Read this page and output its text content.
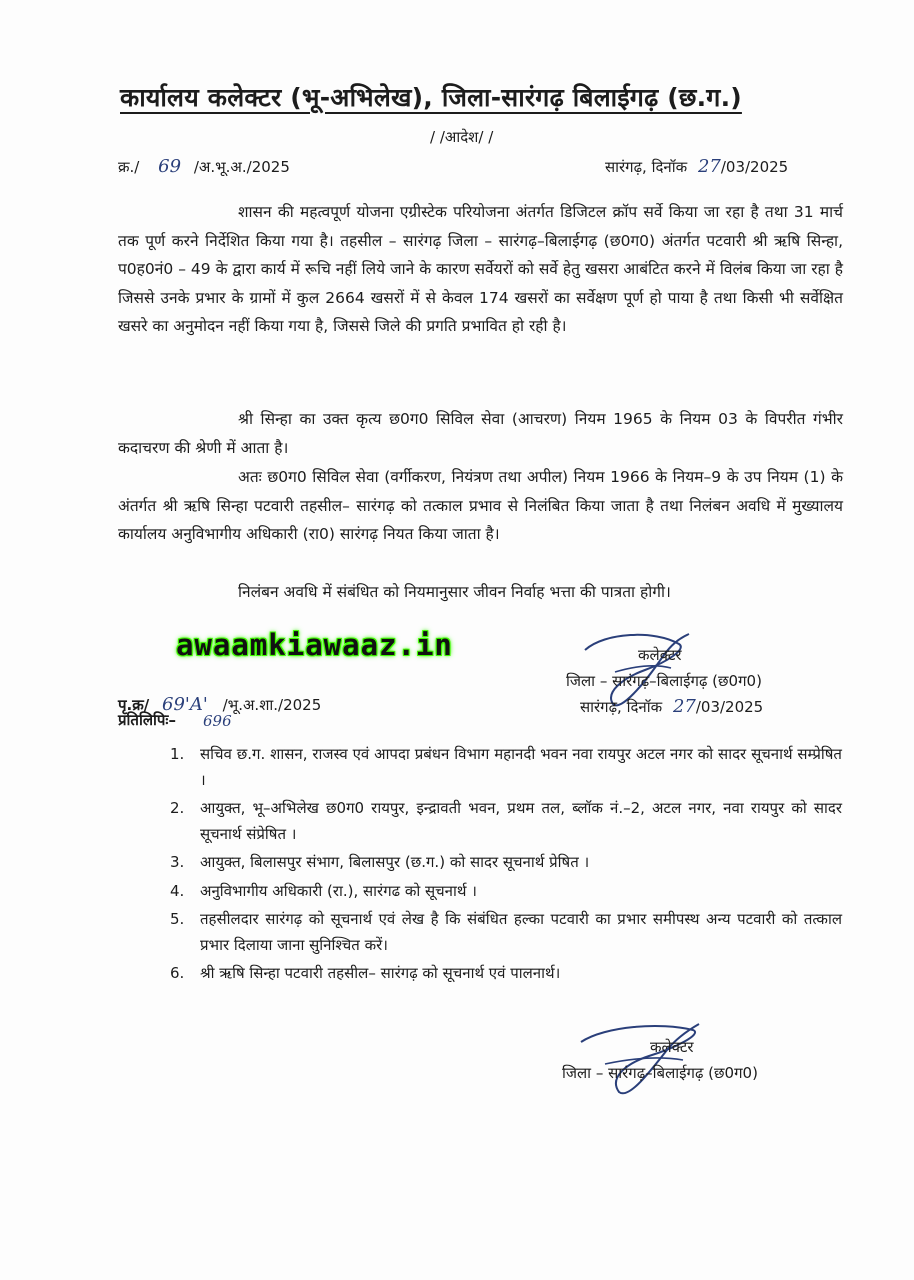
कार्यालय कलेक्टर (भू-अभिलेख), जिला-सारंगढ़ बिलाईगढ़ (छ.ग.)
/ /आदेश/ /
क्र./ 69 /अ.भू.अ./2025	सारंगढ़, दिनॉक 27/03/2025

शासन की महत्वपूर्ण योजना एग्रीस्टेक परियोजना अंतर्गत डिजिटल क्रॉप सर्वे किया जा रहा है तथा 31 मार्च तक पूर्ण करने निर्देशित किया गया है। तहसील – सारंगढ़ जिला – सारंगढ़–बिलाईगढ़ (छ0ग0) अंतर्गत पटवारी श्री ऋषि सिन्हा, प0ह0नं0 – 49 के द्वारा कार्य में रूचि नहीं लिये जाने के कारण सर्वेयरों को सर्वे हेतु खसरा आबंटित करने में विलंब किया जा रहा है जिससे उनके प्रभार के ग्रामों में कुल 2664 खसरों में से केवल 174 खसरों का सर्वेक्षण पूर्ण हो पाया है तथा किसी भी सर्वेक्षित खसरे का अनुमोदन नहीं किया गया है, जिससे जिले की प्रगति प्रभावित हो रही है।

श्री सिन्हा का उक्त कृत्य छ0ग0 सिविल सेवा (आचरण) नियम 1965 के नियम 03 के विपरीत गंभीर कदाचरण की श्रेणी में आता है।

अतः छ0ग0 सिविल सेवा (वर्गीकरण, नियंत्रण तथा अपील) नियम 1966 के नियम–9 के उप नियम (1) के अंतर्गत श्री ऋषि सिन्हा पटवारी तहसील– सारंगढ़ को तत्काल प्रभाव से निलंबित किया जाता है तथा निलंबन अवधि में मुख्यालय कार्यालय अनुविभागीय अधिकारी (रा0) सारंगढ़ नियत किया जाता है।

निलंबन अवधि में संबंधित को नियमानुसार जीवन निर्वाह भत्ता की पात्रता होगी।

awaamkiawaaz.in	कलेक्टर
जिला – सारंगढ़–बिलाईगढ़ (छ0ग0)
सारंगढ़, दिनॉक 27/03/2025
पृ.क्र/ 69'A' /भू.अ.शा./2025
696
प्रतिलिपिः–
1. सचिव छ.ग. शासन, राजस्व एवं आपदा प्रबंधन विभाग महानदी भवन नवा रायपुर अटल नगर को सादर सूचनार्थ सम्प्रेषित ।
2. आयुक्त, भू–अभिलेख छ0ग0 रायपुर, इन्द्रावती भवन, प्रथम तल, ब्लॉक नं.–2, अटल नगर, नवा रायपुर को सादर सूचनार्थ संप्रेषित ।
3. आयुक्त, बिलासपुर संभाग, बिलासपुर (छ.ग.) को सादर सूचनार्थ प्रेषित ।
4. अनुविभागीय अधिकारी (रा.), सारंगढ को सूचनार्थ ।
5. तहसीलदार सारंगढ़ को सूचनार्थ एवं लेख है कि संबंधित हल्का पटवारी का प्रभार समीपस्थ अन्य पटवारी को तत्काल प्रभार दिलाया जाना सुनिश्चित करें।
6. श्री ऋषि सिन्हा पटवारी तहसील– सारंगढ़ को सूचनार्थ एवं पालनार्थ।
कलेक्टर
जिला – सारंगढ़–बिलाईगढ़ (छ0ग0)
